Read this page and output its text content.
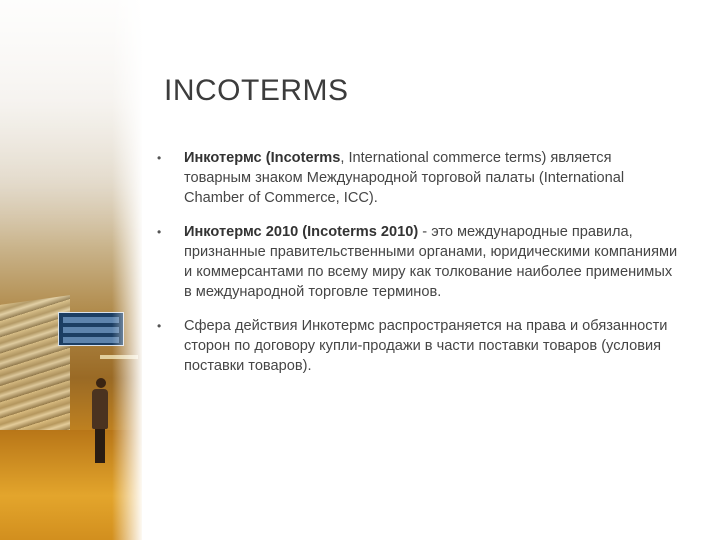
INCOTERMS
• Инкотермс (Incoterms, International commerce terms) является товарным знаком Международной торговой палаты (International Chamber of Commerce, ICC).
• Инкотермс 2010 (Incoterms 2010) - это международные правила, признанные правительственными органами, юридическими компаниями и коммерсантами по всему миру как толкование наиболее применимых в международной торговле терминов.
• Сфера действия Инкотермс распространяется на права и обязанности сторон по договору купли-продажи в части поставки товаров (условия поставки товаров).
